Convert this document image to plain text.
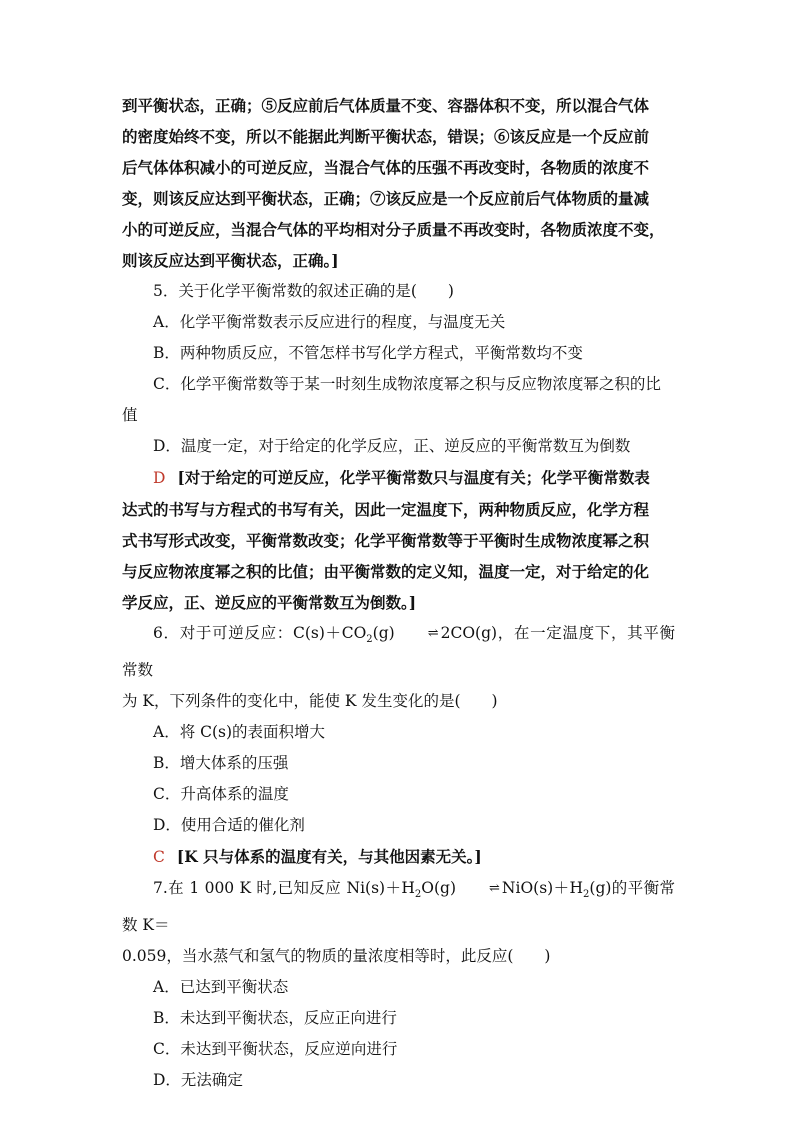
到平衡状态，正确；⑤反应前后气体质量不变、容器体积不变，所以混合气体

的密度始终不变，所以不能据此判断平衡状态，错误；⑥该反应是一个反应前

后气体体积减小的可逆反应，当混合气体的压强不再改变时，各物质的浓度不

变，则该反应达到平衡状态，正确；⑦该反应是一个反应前后气体物质的量减

小的可逆反应，当混合气体的平均相对分子质量不再改变时，各物质浓度不变，

则该反应达到平衡状态，正确。]

5．关于化学平衡常数的叙述正确的是(　　)

A．化学平衡常数表示反应进行的程度，与温度无关

B．两种物质反应，不管怎样书写化学方程式，平衡常数均不变

C．化学平衡常数等于某一时刻生成物浓度幂之积与反应物浓度幂之积的比

值

D．温度一定，对于给定的化学反应，正、逆反应的平衡常数互为倒数

D [对于给定的可逆反应，化学平衡常数只与温度有关；化学平衡常数表

达式的书写与方程式的书写有关，因此一定温度下，两种物质反应，化学方程

式书写形式改变，平衡常数改变；化学平衡常数等于平衡时生成物浓度幂之积

与反应物浓度幂之积的比值；由平衡常数的定义知，温度一定，对于给定的化

学反应，正、逆反应的平衡常数互为倒数。]

6．对于可逆反应：$C(s)+CO_2(g)$	⇌ 2CO(g)，在一定温度下，其平衡常数

为 K，下列条件的变化中，能使 K 发生变化的是(　　)

A．将 C(s)的表面积增大

B．增大体系的压强

C．升高体系的温度

D．使用合适的催化剂

C [K 只与体系的温度有关，与其他因素无关。]

7.在 1 000 K 时,已知反应 $Ni(s)+H_2O(g)$	⇌ $NiO(s)+H_2(g)$的平衡常数 K＝

0.059，当水蒸气和氢气的物质的量浓度相等时，此反应(　　)

A．已达到平衡状态

B．未达到平衡状态，反应正向进行

C．未达到平衡状态，反应逆向进行

D．无法确定
